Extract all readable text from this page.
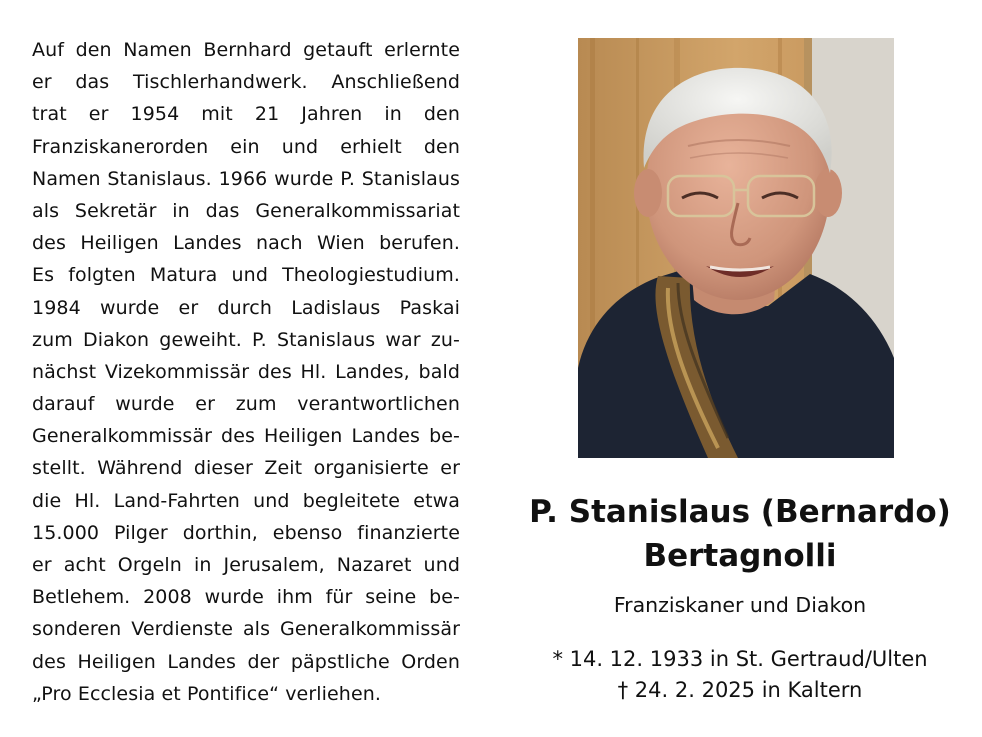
Auf den Namen Bernhard getauft erlernte
er das Tischlerhandwerk. Anschließend
trat er 1954 mit 21 Jahren in den
Franziskanerorden ein und erhielt den
Namen Stanislaus. 1966 wurde P. Stanislaus
als Sekretär in das Generalkommissariat
des Heiligen Landes nach Wien berufen.
Es folgten Matura und Theologiestudium.
1984 wurde er durch Ladislaus Paskai
zum Diakon geweiht. P. Stanislaus war zu-
nächst Vizekommissär des Hl. Landes, bald
darauf wurde er zum verantwortlichen
Generalkommissär des Heiligen Landes be-
stellt. Während dieser Zeit organisierte er
die Hl. Land-Fahrten und begleitete etwa
15.000 Pilger dorthin, ebenso finanzierte
er acht Orgeln in Jerusalem, Nazaret und
Betlehem. 2008 wurde ihm für seine be-
sonderen Verdienste als Generalkommissär
des Heiligen Landes der päpstliche Orden
„Pro Ecclesia et Pontifice“ verliehen.
P. Stanislaus (Bernardo)
Bertagnolli
Franziskaner und Diakon
* 14. 12. 1933 in St. Gertraud/Ulten
† 24. 2. 2025 in Kaltern
